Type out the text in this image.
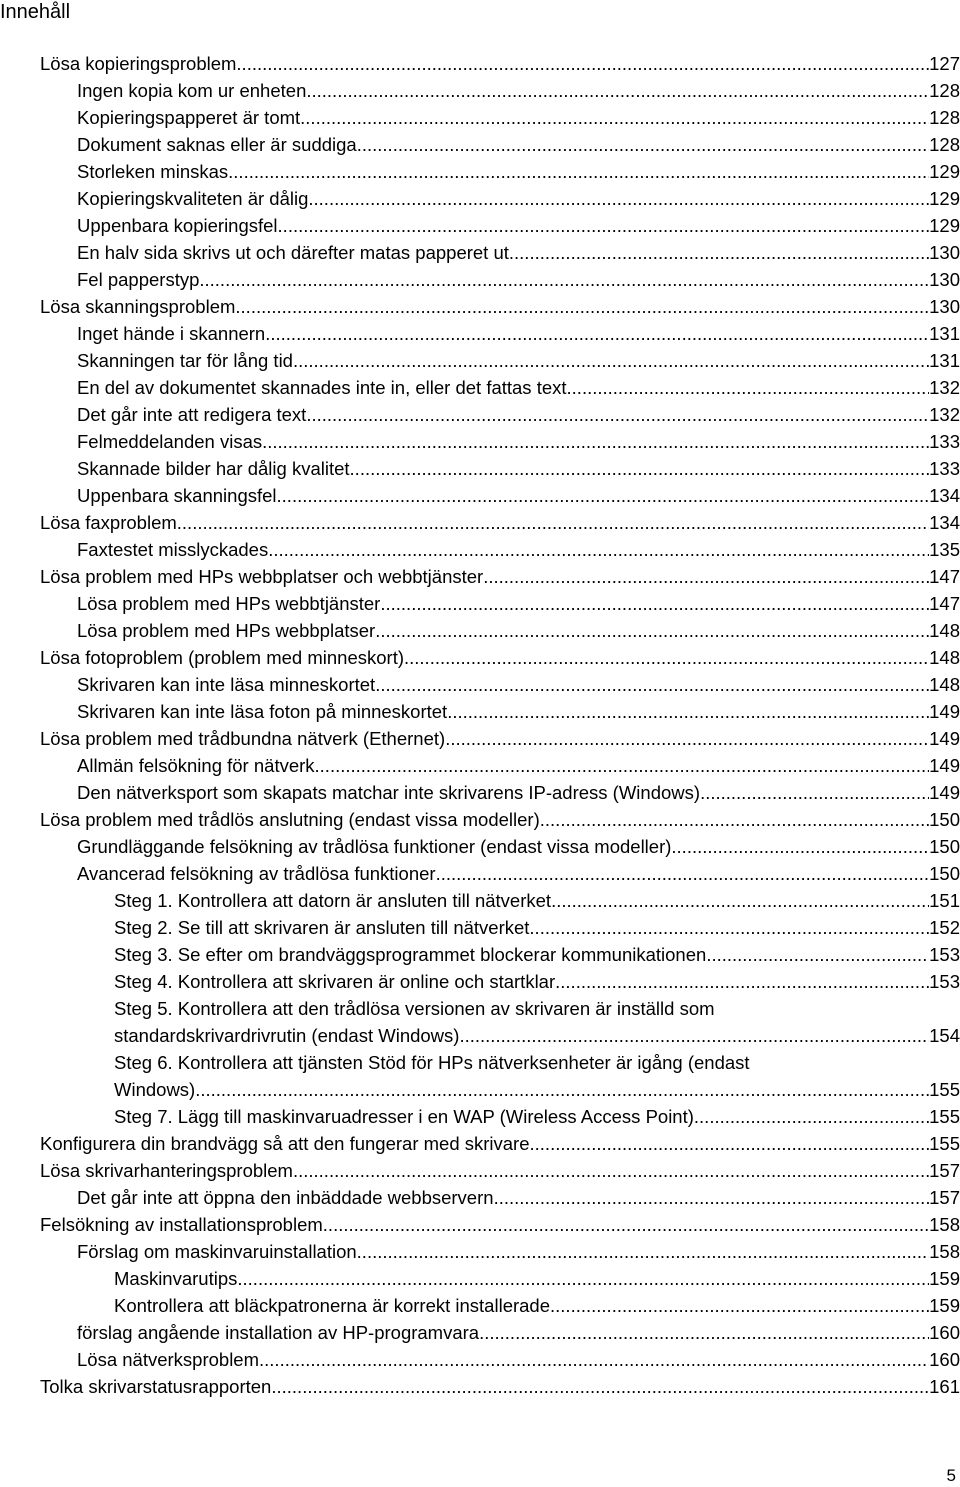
Innehåll
Lösa kopieringsproblem .....	127
Ingen kopia kom ur enheten .....	128
Kopieringspapperet är tomt .....	128
Dokument saknas eller är suddiga .....	128
Storleken minskas .....	129
Kopieringskvaliteten är dålig .....	129
Uppenbara kopieringsfel .....	129
En halv sida skrivs ut och därefter matas papperet ut .....	130
Fel papperstyp .....	130
Lösa skanningsproblem .....	130
Inget hände i skannern .....	131
Skanningen tar för lång tid .....	131
En del av dokumentet skannades inte in, eller det fattas text .....	132
Det går inte att redigera text .....	132
Felmeddelanden visas .....	133
Skannade bilder har dålig kvalitet .....	133
Uppenbara skanningsfel .....	134
Lösa faxproblem .....	134
Faxtestet misslyckades .....	135
Lösa problem med HPs webbplatser och webbtjänster .....	147
Lösa problem med HPs webbtjänster .....	147
Lösa problem med HPs webbplatser .....	148
Lösa fotoproblem (problem med minneskort) .....	148
Skrivaren kan inte läsa minneskortet .....	148
Skrivaren kan inte läsa foton på minneskortet .....	149
Lösa problem med trådbundna nätverk (Ethernet) .....	149
Allmän felsökning för nätverk .....	149
Den nätverksport som skapats matchar inte skrivarens IP-adress (Windows) .....	149
Lösa problem med trådlös anslutning (endast vissa modeller) .....	150
Grundläggande felsökning av trådlösa funktioner (endast vissa modeller) .....	150
Avancerad felsökning av trådlösa funktioner .....	150
Steg 1. Kontrollera att datorn är ansluten till nätverket .....	151
Steg 2. Se till att skrivaren är ansluten till nätverket .....	152
Steg 3. Se efter om brandväggsprogrammet blockerar kommunikationen .....	153
Steg 4. Kontrollera att skrivaren är online och startklar .....	153
Steg 5. Kontrollera att den trådlösa versionen av skrivaren är inställd som
standardskrivardrivrutin (endast Windows) .....	154
Steg 6. Kontrollera att tjänsten Stöd för HPs nätverksenheter är igång (endast
Windows) .....	155
Steg 7. Lägg till maskinvaruadresser i en WAP (Wireless Access Point) .....	155
Konfigurera din brandvägg så att den fungerar med skrivare .....	155
Lösa skrivarhanteringsproblem .....	157
Det går inte att öppna den inbäddade webbservern .....	157
Felsökning av installationsproblem .....	158
Förslag om maskinvaruinstallation .....	158
Maskinvarutips .....	159
Kontrollera att bläckpatronerna är korrekt installerade .....	159
förslag angående installation av HP-programvara .....	160
Lösa nätverksproblem .....	160
Tolka skrivarstatusrapporten .....	161
5
